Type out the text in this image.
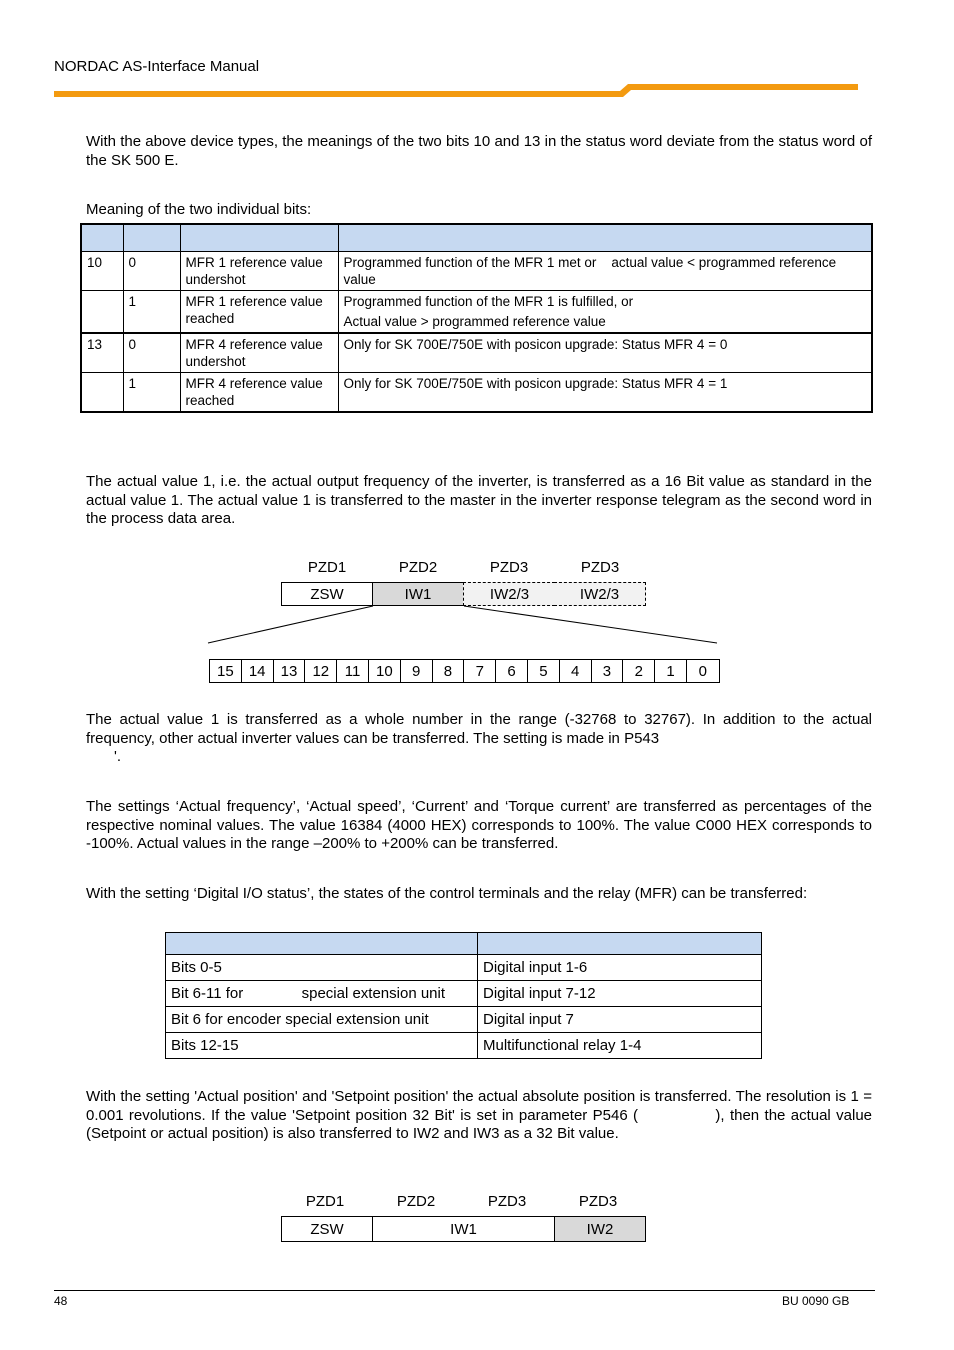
NORDAC AS-Interface Manual
With the above device types, the meanings of the two bits 10 and 13 in the status word deviate from the status word of the SK 500 E.
Meaning of the two individual bits:

10	0	MFR 1 reference value undershot	Programmed function of the MFR 1 met or    actual value < programmed reference value
	1	MFR 1 reference value reached	Programmed function of the MFR 1 is fulfilled, or
Actual value > programmed reference value

13	0	MFR 4 reference value undershot	Only for SK 700E/750E with posicon upgrade: Status MFR 4 = 0
	1	MFR 4 reference value reached	Only for SK 700E/750E with posicon upgrade: Status MFR 4 = 1
The actual value 1, i.e. the actual output frequency of the inverter, is transferred as a 16 Bit value as standard in the actual value 1. The actual value 1 is transferred to the master in the inverter response telegram as the second word in the process data area.
PZD1	PZD2	PZD3	PZD3
ZSW	IW1	IW2/3	IW2/3
15	14	13	12	11	10	9	8	7	6	5	4	3	2	1	0
The actual value 1 is transferred as a whole number in the range (-32768 to 32767). In addition to the actual frequency, other actual inverter values can be transferred. The setting is made in P543
'.
The settings ‘Actual frequency’, ‘Actual speed’, ‘Current’ and ‘Torque current’ are transferred as percentages of the respective nominal values. The value 16384 (4000 HEX) corresponds to 100%. The value C000 HEX corresponds to -100%. Actual values in the range –200% to +200% can be transferred.
With the setting ‘Digital I/O status’, the states of the control terminals and the relay (MFR) can be transferred:

Bits 0-5	Digital input 1-6
Bit 6-11 for              special extension unit	Digital input 7-12
Bit 6 for encoder special extension unit	Digital input 7
Bits 12-15	Multifunctional relay 1-4
With the setting 'Actual position' and 'Setpoint position' the actual absolute position is transferred. The resolution is 1 = 0.001 revolutions. If the value 'Setpoint position 32 Bit' is set in parameter P546 (	), then the actual value (Setpoint or actual position) is also transferred to IW2 and IW3 as a 32 Bit value.
PZD1	PZD2	PZD3	PZD3
ZSW	IW1	IW2
48	BU 0090 GB
